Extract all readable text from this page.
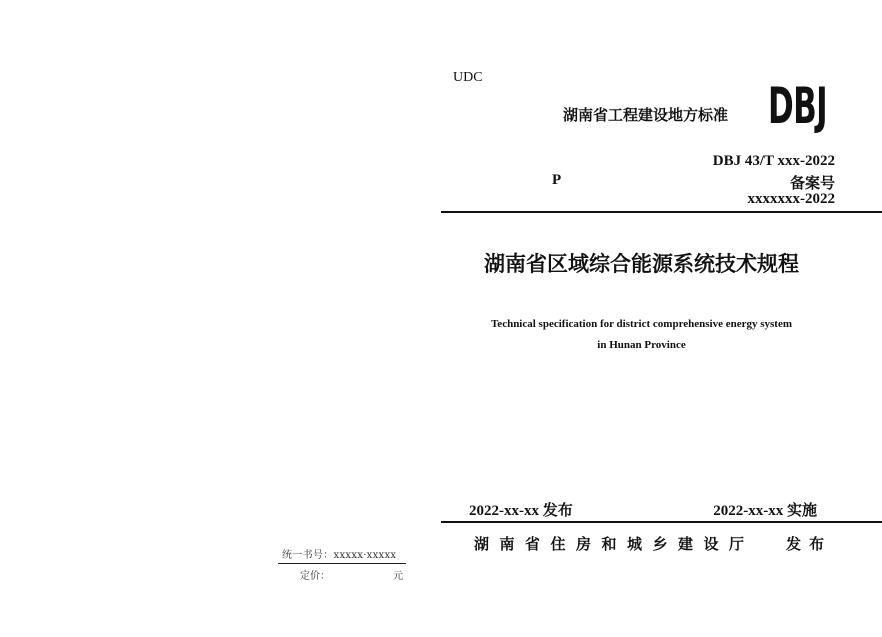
统一书号：xxxxx·xxxxx
定价：	元
UDC
湖南省工程建设地方标准 DBJ
DBJ 43/T xxx-2022
P	备案号
xxxxxxx-2022
湖南省区域综合能源系统技术规程
Technical specification for district comprehensive energy system
in Hunan Province
2022-xx-xx 发布	2022-xx-xx 实施
湖南省住房和城乡建设厅 发布
